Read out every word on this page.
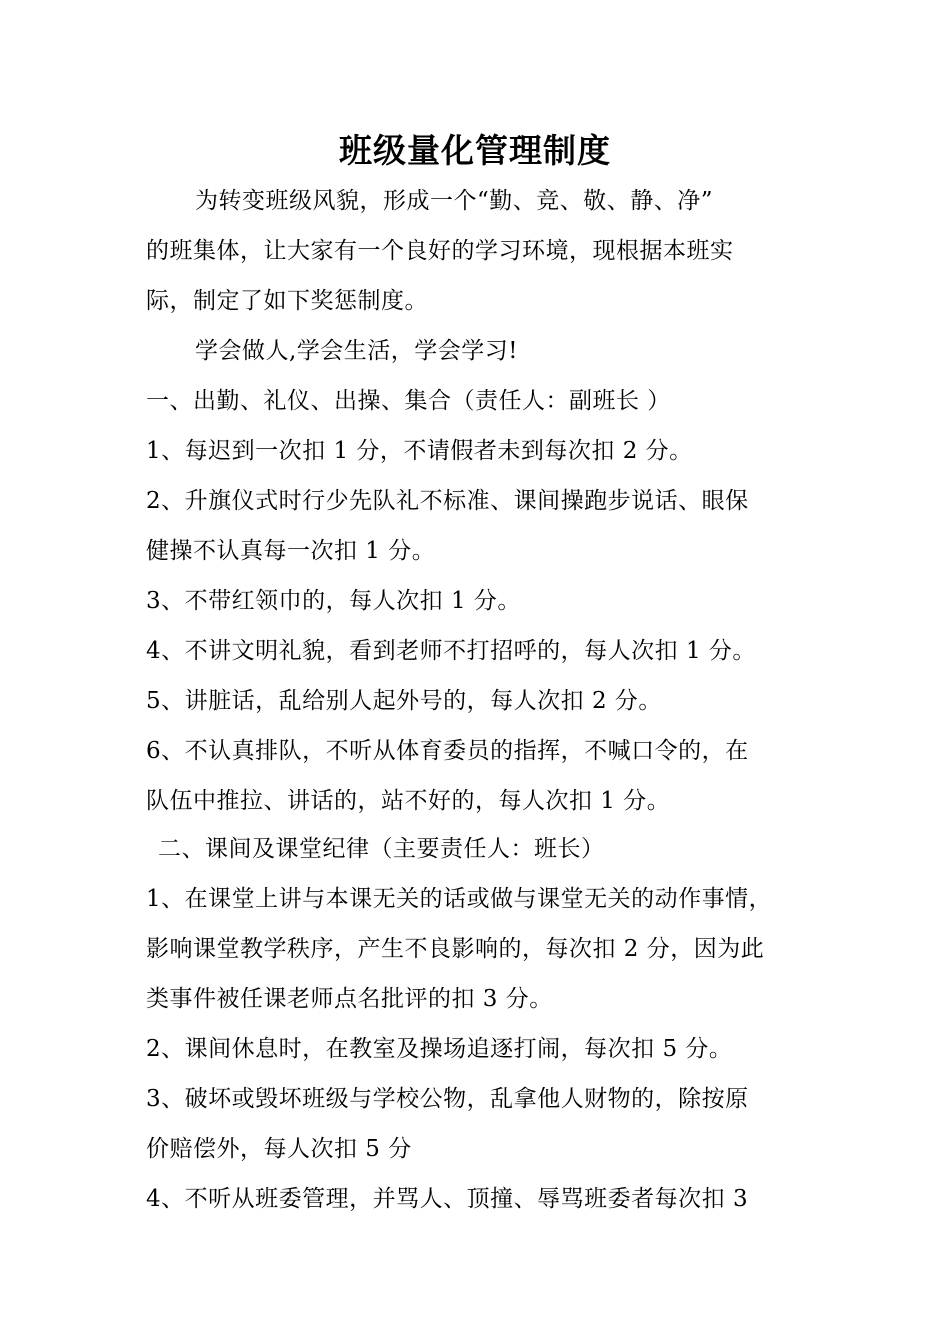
班级量化管理制度
为转变班级风貌，形成一个“勤、竞、敬、静、净”
的班集体，让大家有一个良好的学习环境，现根据本班实
际，制定了如下奖惩制度。
学会做人,学会生活，学会学习!
一、出勤、礼仪、出操、集合（责任人：副班长 ）
1、每迟到一次扣 1 分，不请假者未到每次扣 2 分。
2、升旗仪式时行少先队礼不标准、课间操跑步说话、眼保
健操不认真每一次扣 1 分。
3、不带红领巾的，每人次扣 1 分。
4、不讲文明礼貌，看到老师不打招呼的，每人次扣 1 分。
5、讲脏话，乱给别人起外号的，每人次扣 2 分。
6、不认真排队，不听从体育委员的指挥，不喊口令的，在
队伍中推拉、讲话的，站不好的，每人次扣 1 分。
二、课间及课堂纪律（主要责任人：班长）
1、在课堂上讲与本课无关的话或做与课堂无关的动作事情，
影响课堂教学秩序，产生不良影响的，每次扣 2 分，因为此
类事件被任课老师点名批评的扣 3 分。
2、课间休息时，在教室及操场追逐打闹，每次扣 5 分。
3、破坏或毁坏班级与学校公物，乱拿他人财物的，除按原
价赔偿外，每人次扣 5 分
4、不听从班委管理，并骂人、顶撞、辱骂班委者每次扣 3
